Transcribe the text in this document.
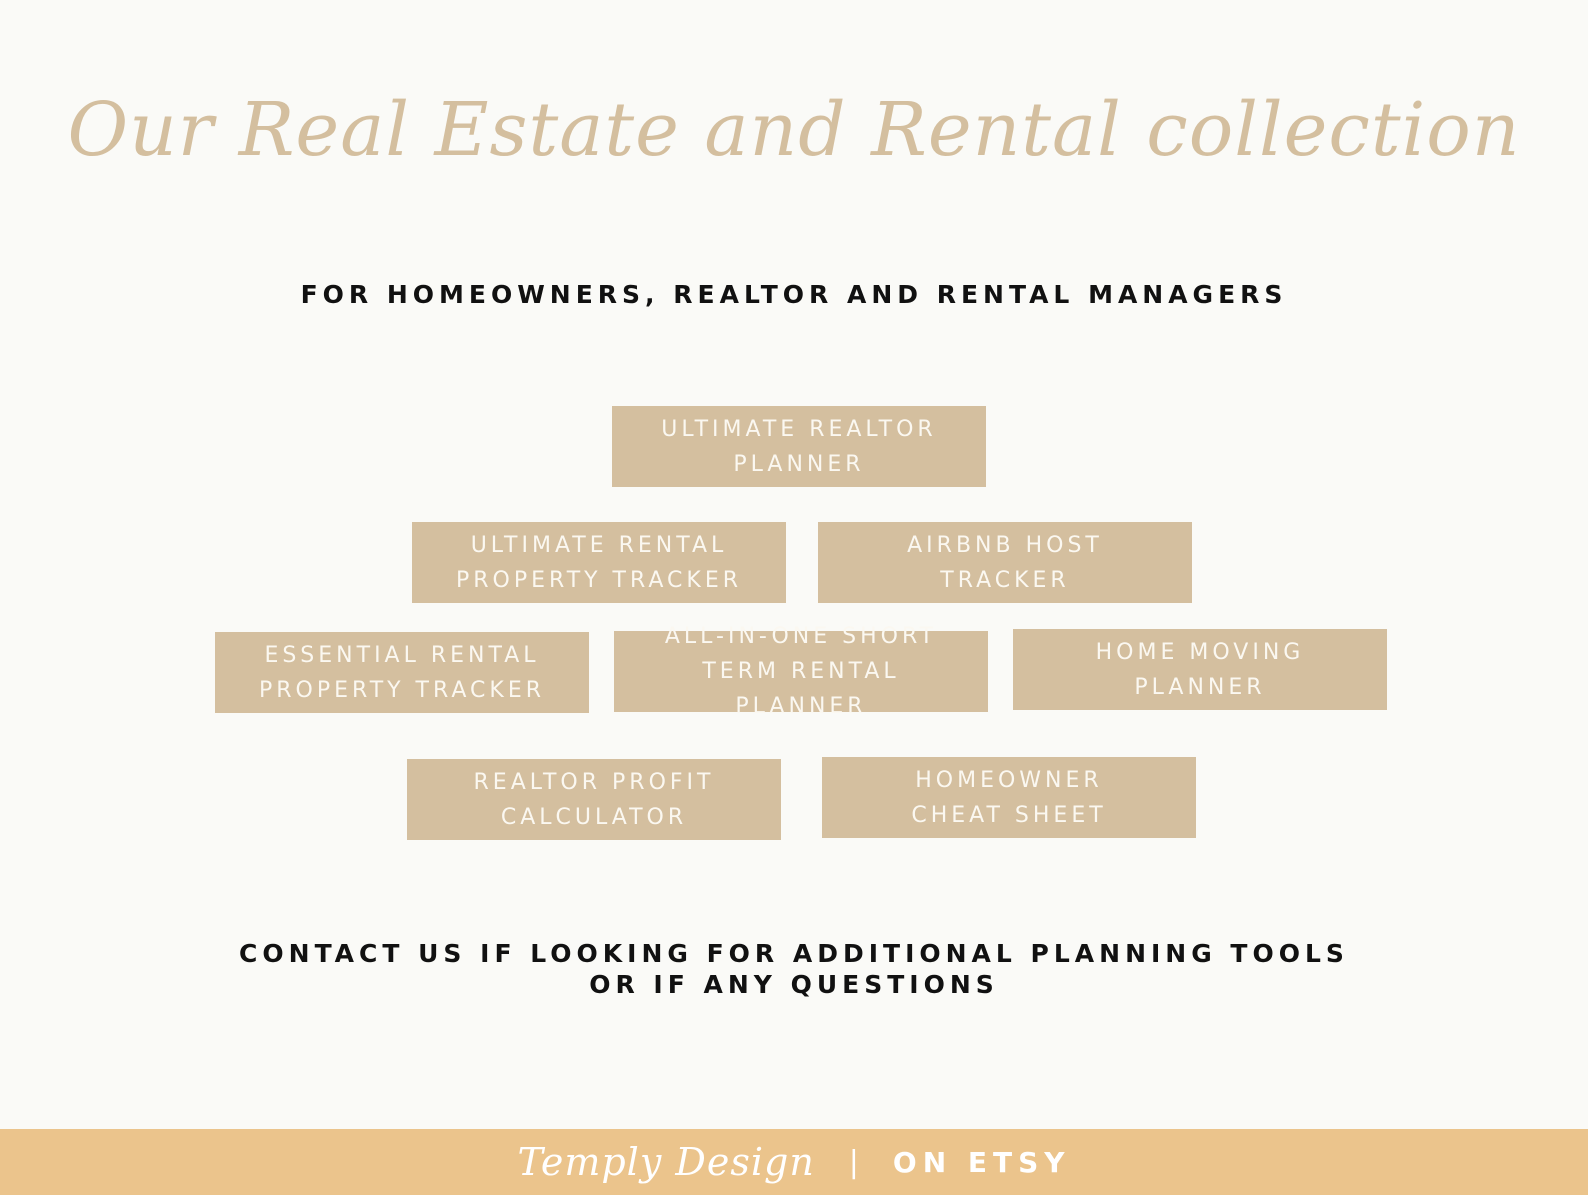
Our Real Estate and Rental collection
FOR HOMEOWNERS, REALTOR AND RENTAL MANAGERS
ULTIMATE REALTOR
PLANNER
ULTIMATE RENTAL
PROPERTY TRACKER
AIRBNB HOST
TRACKER
ESSENTIAL RENTAL
PROPERTY TRACKER
ALL-IN-ONE SHORT
TERM RENTAL PLANNER
HOME MOVING
PLANNER
REALTOR PROFIT
CALCULATOR
HOMEOWNER
CHEAT SHEET
CONTACT US IF LOOKING FOR ADDITIONAL PLANNING TOOLS
OR IF ANY QUESTIONS
Temply Design | ON ETSY
